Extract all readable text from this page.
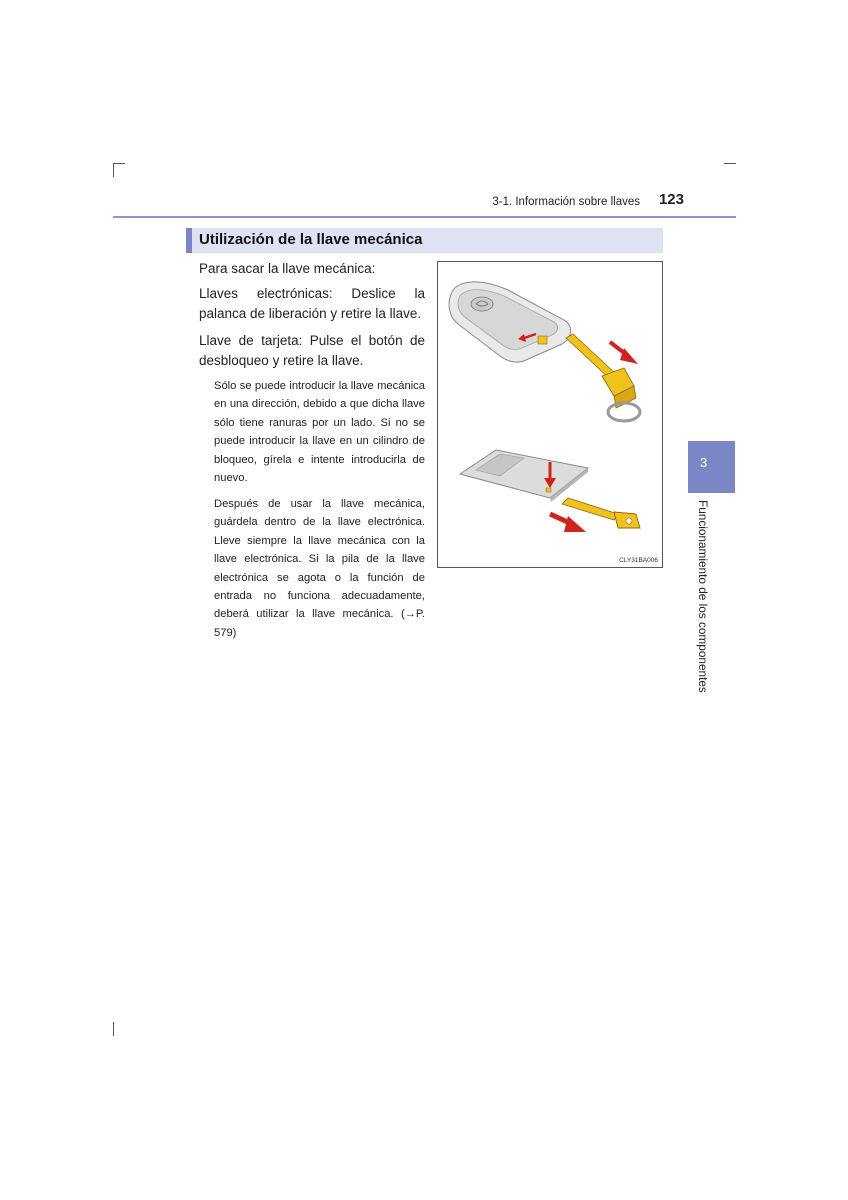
3-1. Información sobre llaves	123
Utilización de la llave mecánica

Para sacar la llave mecánica:

Llaves electrónicas: Deslice la palanca de liberación y retire la llave.

Llave de tarjeta: Pulse el botón de desbloqueo y retire la llave.

Sólo se puede introducir la llave mecánica en una dirección, debido a que dicha llave sólo tiene ranuras por un lado. Si no se puede introducir la llave en un cilindro de bloqueo, gírela e intente introducirla de nuevo.

Después de usar la llave mecánica, guárdela dentro de la llave electrónica. Lleve siempre la llave mecánica con la llave electrónica. Si la pila de la llave electrónica se agota o la función de entrada no funciona adecuadamente, deberá utilizar la llave mecánica. (→P. 579)

CLY31BA006
3
Funcionamiento de los componentes
